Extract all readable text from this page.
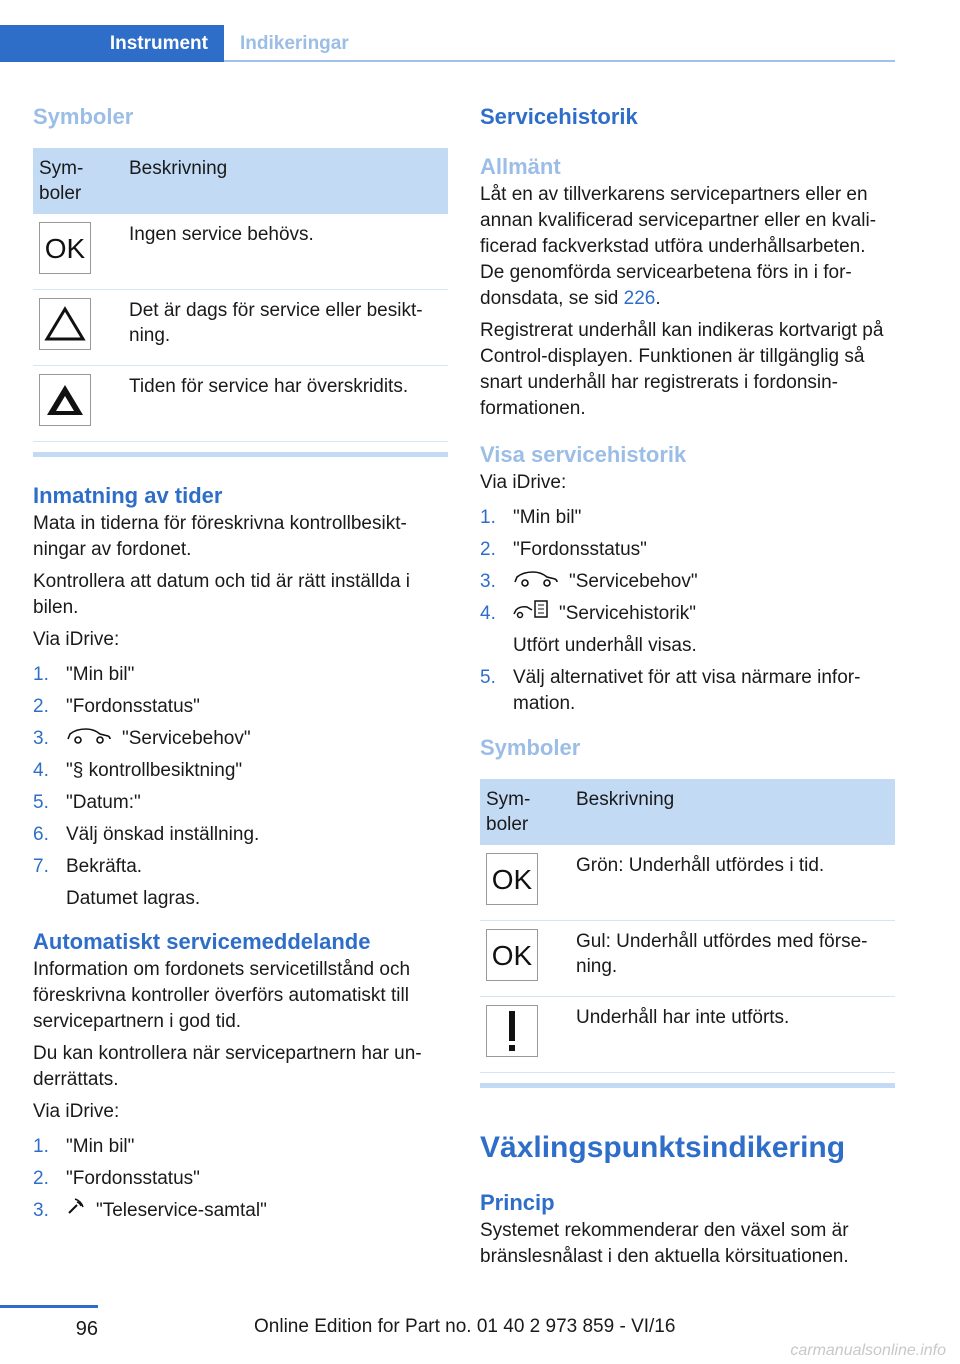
Instrument	Indikeringar
Symboler
Sym-
boler	Beskrivning

OK	Ingen service behövs.

	Det är dags för service eller besikt-
ning.

	Tiden för service har överskridits.
Inmatning av tider

Mata in tiderna för föreskrivna kontrollbesikt-ningar av fordonet.

Kontrollera att datum och tid är rätt inställda i bilen.

Via iDrive:

1. "Min bil"
2. "Fordonsstatus"
3.	"Servicebehov"
4. "§ kontrollbesiktning"
5. "Datum:"
6. Välj önskad inställning.
7. Bekräfta.
Datumet lagras.
Automatiskt servicemeddelande

Information om fordonets servicetillstånd och föreskrivna kontroller överförs automatiskt till servicepartnern i god tid.

Du kan kontrollera när servicepartnern har un-derrättats.

Via iDrive:

1. "Min bil"
2. "Fordonsstatus"
3. "Teleservice-samtal"
Servicehistorik
Allmänt

Låt en av tillverkarens servicepartners eller en annan kvalificerad servicepartner eller en kvali-ficerad fackverkstad utföra underhållsarbeten. De genomförda servicearbetena förs in i for-donsdata, se sid 226.

Registrerat underhåll kan indikeras kortvarigt på Control-displayen. Funktionen är tillgänglig så snart underhåll har registrerats i fordonsin-formationen.

Visa servicehistorik

Via iDrive:

1. "Min bil"
2. "Fordonsstatus"
3.	"Servicebehov"
4.	"Servicehistorik"
Utfört underhåll visas.
5. Välj alternativet för att visa närmare infor-mation.
Symboler
Sym-
boler	Beskrivning

OK	Grön: Underhåll utfördes i tid.

OK	Gul: Underhåll utfördes med förse-
ning.

	Underhåll har inte utförts.
Växlingspunktsindikering
Princip

Systemet rekommenderar den växel som är bränslesnålast i den aktuella körsituationen.

96	Online Edition for Part no. 01 40 2 973 859 - VI/16
carmanualsonline.info
